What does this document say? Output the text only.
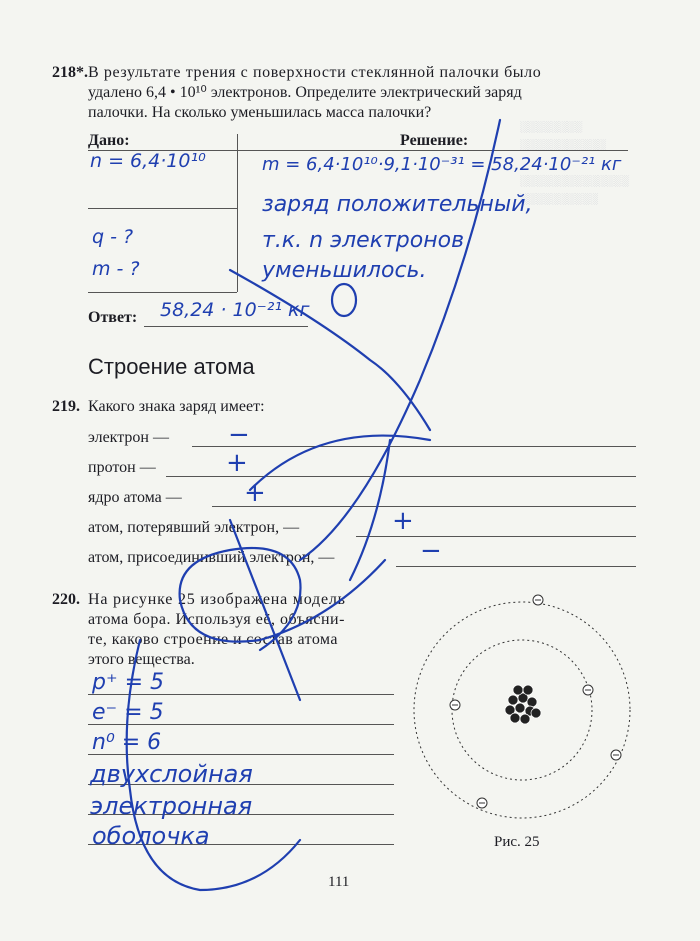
░░░░░░░░
░░░░░░░░░░░

░░░░░░░░░░░░░░
░░░░░░░░░░
218*. В результате трения с поверхности стеклянной палочки было
удалено 6,4 • 10¹⁰ электронов. Определите электрический заряд
палочки. На сколько уменьшилась масса палочки?
Дано:	Решение:
n = 6,4·10¹⁰
q - ?
m - ?
m = 6,4·10¹⁰·9,1·10⁻³¹ = 58,24·10⁻²¹ кг
заряд положительный,
т.к. n электронов
уменьшилось.
Ответ: 58,24 · 10⁻²¹ кг
Строение атома
219. Какого знака заряд имеет:
электрон — −
протон —	+
ядро атома — +
атом, потерявший электрон, —	+
атом, присоединивший электрон, —	−
220. На рисунке 25 изображена модель
атома бора. Используя её, объясни-
те, каково строение и состав атома
этого вещества.
p⁺ = 5
e⁻ = 5
n⁰ = 6
двухслойная
электронная
оболочка	Рис. 25
111
